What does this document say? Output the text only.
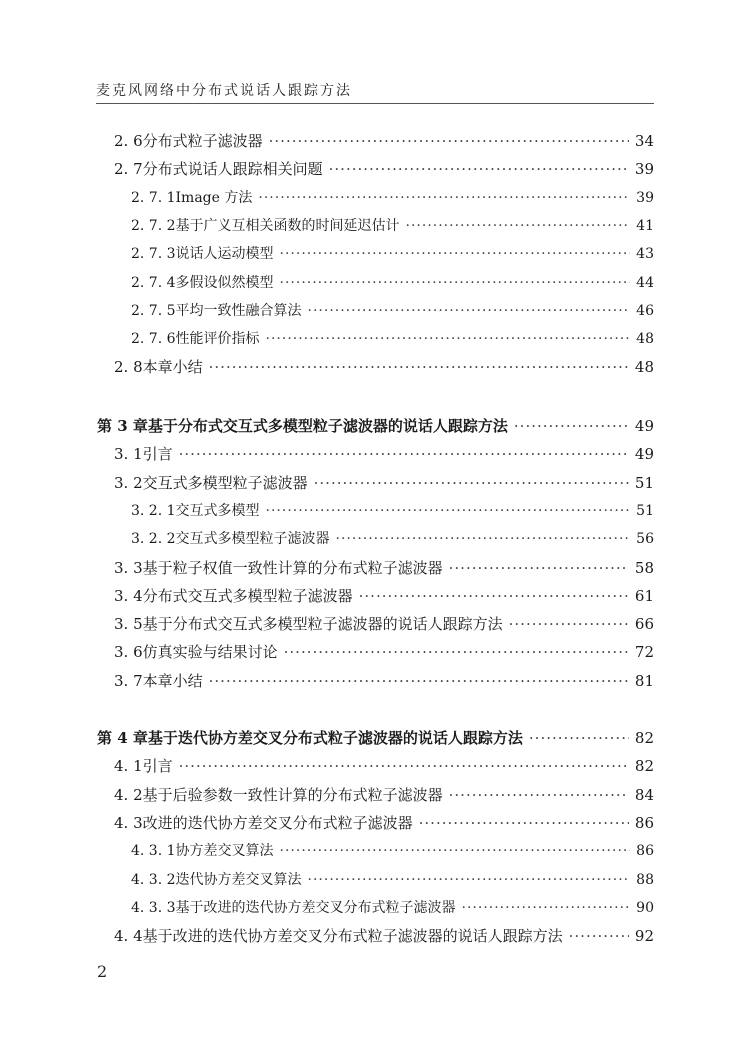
麦克风网络中分布式说话人跟踪方法
2. 6 分布式粒子滤波器 ·····	34
2. 7 分布式说话人跟踪相关问题 ·····	39
2. 7. 1 Image 方法 ·····	39
2. 7. 2 基于广义互相关函数的时间延迟估计 ·····	41
2. 7. 3 说话人运动模型 ·····	43
2. 7. 4 多假设似然模型 ·····	44
2. 7. 5 平均一致性融合算法 ·····	46
2. 7. 6 性能评价指标 ·····	48
2. 8 本章小结 ·····	48
第 3 章 基于分布式交互式多模型粒子滤波器的说话人跟踪方法 ·····	49
3. 1 引言 ·····	49
3. 2 交互式多模型粒子滤波器 ·····	51
3. 2. 1 交互式多模型 ·····	51
3. 2. 2 交互式多模型粒子滤波器 ·····	56
3. 3 基于粒子权值一致性计算的分布式粒子滤波器 ·····	58
3. 4 分布式交互式多模型粒子滤波器 ·····	61
3. 5 基于分布式交互式多模型粒子滤波器的说话人跟踪方法 ·····	66
3. 6 仿真实验与结果讨论 ·····	72
3. 7 本章小结 ·····	81
第 4 章 基于迭代协方差交叉分布式粒子滤波器的说话人跟踪方法 ·····	82
4. 1 引言 ·····	82
4. 2 基于后验参数一致性计算的分布式粒子滤波器 ·····	84
4. 3 改进的迭代协方差交叉分布式粒子滤波器 ·····	86
4. 3. 1 协方差交叉算法 ·····	86
4. 3. 2 迭代协方差交叉算法 ·····	88
4. 3. 3 基于改进的迭代协方差交叉分布式粒子滤波器 ·····	90
4. 4 基于改进的迭代协方差交叉分布式粒子滤波器的说话人跟踪方法 ·····	92
2
